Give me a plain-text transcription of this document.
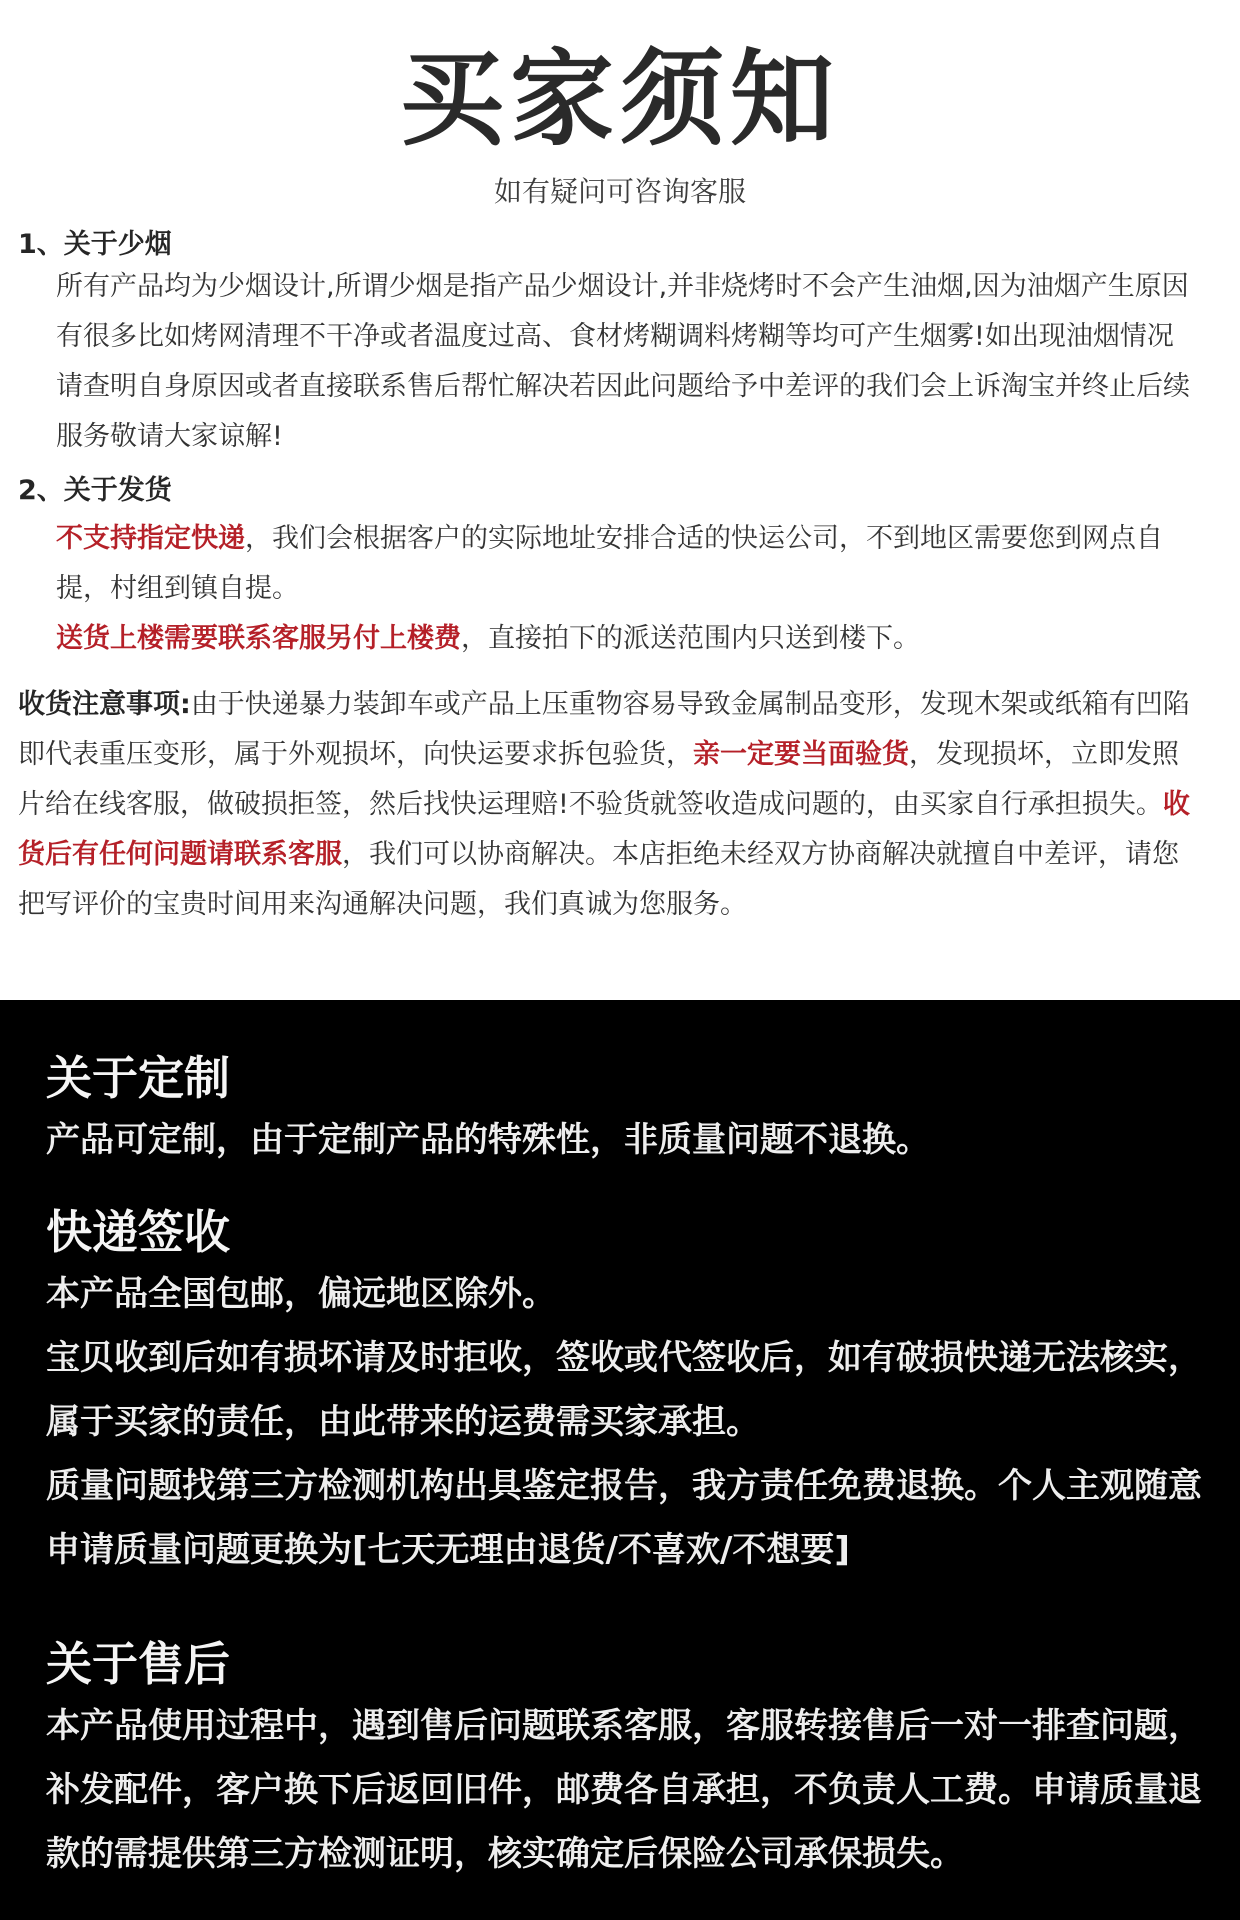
买家须知
如有疑问可咨询客服
1、关于少烟
所有产品均为少烟设计,所谓少烟是指产品少烟设计,并非烧烤时不会产生油烟,因为油烟产生原因有很多比如烤网清理不干净或者温度过高、食材烤糊调料烤糊等均可产生烟雾!如出现油烟情况请查明自身原因或者直接联系售后帮忙解决若因此问题给予中差评的我们会上诉淘宝并终止后续服务敬请大家谅解!
2、关于发货
不支持指定快递，我们会根据客户的实际地址安排合适的快运公司，不到地区需要您到网点自提，村组到镇自提。
送货上楼需要联系客服另付上楼费，直接拍下的派送范围内只送到楼下。
收货注意事项:由于快递暴力装卸车或产品上压重物容易导致金属制品变形，发现木架或纸箱有凹陷即代表重压变形，属于外观损坏，向快运要求拆包验货，亲一定要当面验货，发现损坏，立即发照片给在线客服，做破损拒签，然后找快运理赔!不验货就签收造成问题的，由买家自行承担损失。收货后有任何问题请联系客服，我们可以协商解决。本店拒绝未经双方协商解决就擅自中差评，请您把写评价的宝贵时间用来沟通解决问题，我们真诚为您服务。
关于定制
产品可定制，由于定制产品的特殊性，非质量问题不退换。
快递签收
本产品全国包邮，偏远地区除外。
宝贝收到后如有损坏请及时拒收，签收或代签收后，如有破损快递无法核实，属于买家的责任，由此带来的运费需买家承担。
质量问题找第三方检测机构出具鉴定报告，我方责任免费退换。个人主观随意申请质量问题更换为[七天无理由退货/不喜欢/不想要]
关于售后
本产品使用过程中，遇到售后问题联系客服，客服转接售后一对一排查问题，补发配件，客户换下后返回旧件，邮费各自承担，不负责人工费。申请质量退款的需提供第三方检测证明，核实确定后保险公司承保损失。
